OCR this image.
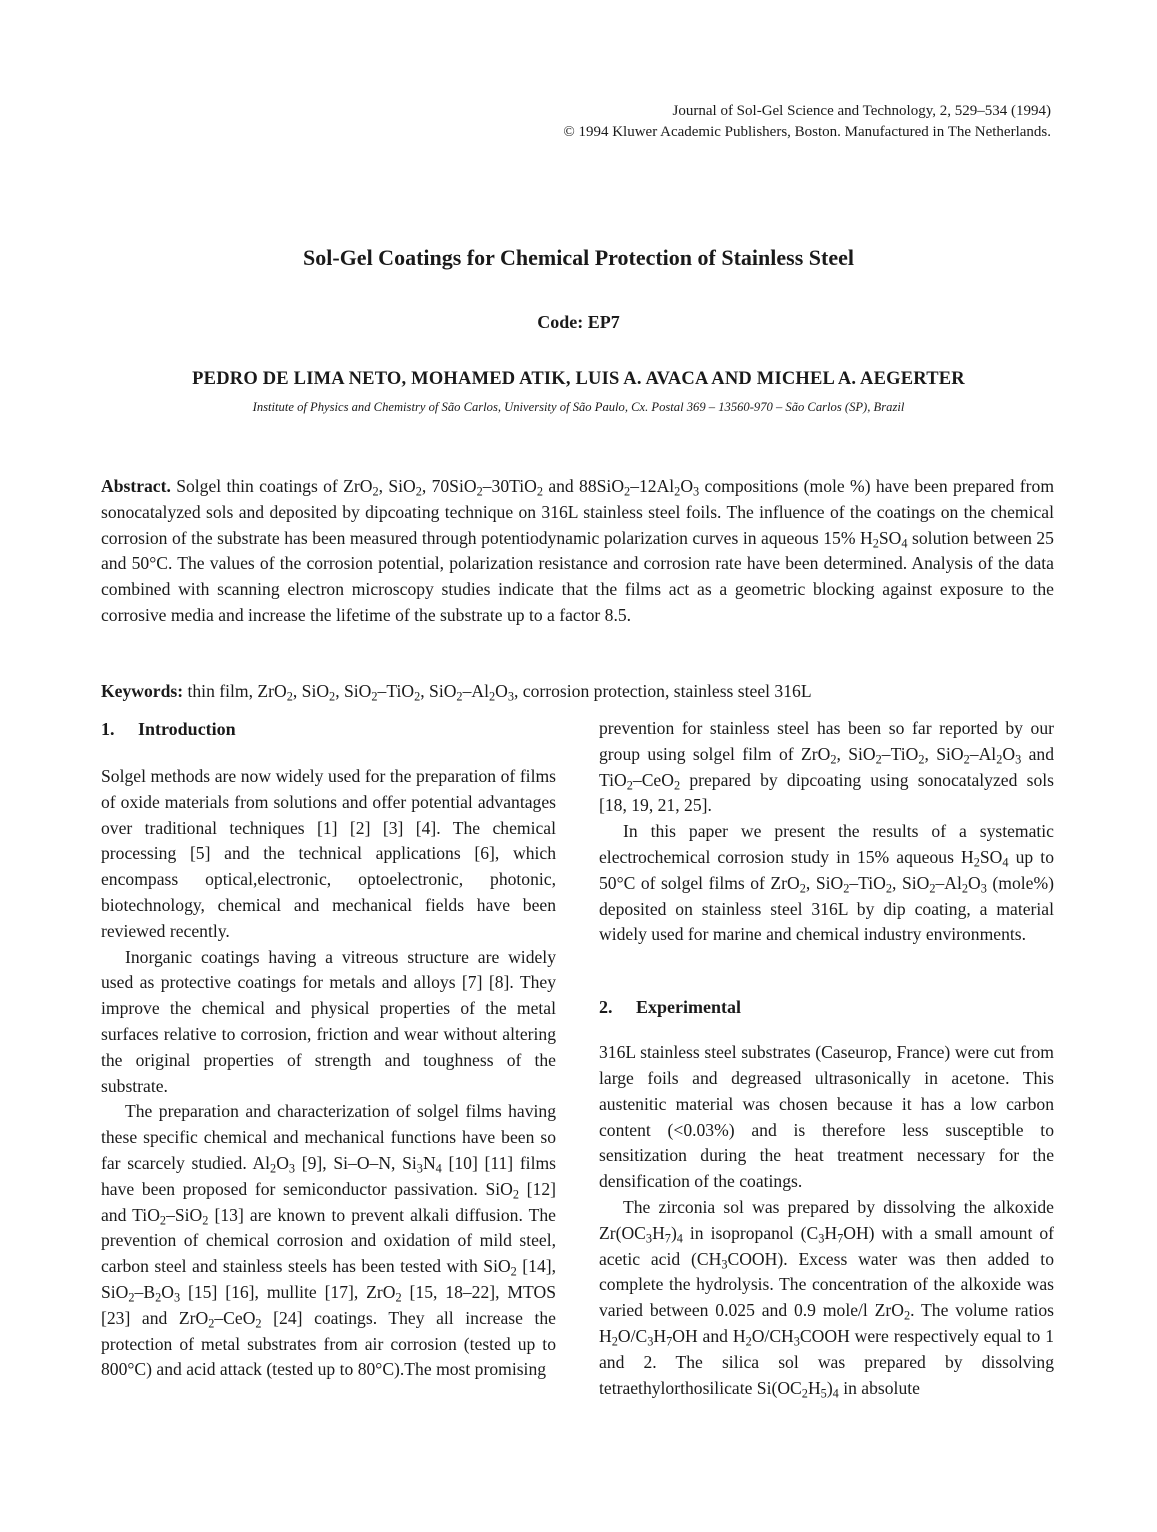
Journal of Sol-Gel Science and Technology, 2, 529–534 (1994)
© 1994 Kluwer Academic Publishers, Boston. Manufactured in The Netherlands.
Sol-Gel Coatings for Chemical Protection of Stainless Steel
Code: EP7
PEDRO DE LIMA NETO, MOHAMED ATIK, LUIS A. AVACA AND MICHEL A. AEGERTER
Institute of Physics and Chemistry of São Carlos, University of São Paulo, Cx. Postal 369 – 13560-970 – São Carlos (SP), Brazil
Abstract. Solgel thin coatings of ZrO$_2$, SiO$_2$, 70SiO$_2$–30TiO$_2$ and $88SiO_2-12Al_2O_3$ compositions (mole %) have been prepared from sonocatalyzed sols and deposited by dipcoating technique on 316L stainless steel foils. The influence of the coatings on the chemical corrosion of the substrate has been measured through potentiodynamic polarization curves in aqueous 15% $H_2SO_4$ solution between 25 and 50°C. The values of the corrosion potential, polarization resistance and corrosion rate have been determined. Analysis of the data combined with scanning electron microscopy studies indicate that the films act as a geometric blocking against exposure to the corrosive media and increase the lifetime of the substrate up to a factor 8.5.
Keywords: thin film, ZrO$_2$, SiO$_2$, SiO$_2$–TiO$_2$, $SiO_2-Al_2O_3$, corrosion protection, stainless steel 316L
1. Introduction

Solgel methods are now widely used for the preparation of films of oxide materials from solutions and offer potential advantages over traditional techniques [1] [2] [3] [4]. The chemical processing [5] and the technical applications [6], which encompass optical,electronic, optoelectronic, photonic, biotechnology, chemical and mechanical fields have been reviewed recently.

Inorganic coatings having a vitreous structure are widely used as protective coatings for metals and alloys [7] [8]. They improve the chemical and physical properties of the metal surfaces relative to corrosion, friction and wear without altering the original properties of strength and toughness of the substrate.

The preparation and characterization of solgel films having these specific chemical and mechanical functions have been so far scarcely studied. $Al_2O_3$ [9], Si–O–N, $Si_3N_4$ [10] [11] films have been proposed for semiconductor passivation. SiO$_2$ [12] and TiO$_2$–SiO$_2$ [13] are known to prevent alkali diffusion. The prevention of chemical corrosion and oxidation of mild steel, carbon steel and stainless steels has been tested with SiO$_2$ [14], $SiO_2-B_2O_3$ [15] [16], mullite [17], ZrO$_2$ [15, 18–22], MTOS [23] and ZrO$_2$–CeO$_2$ [24] coatings. They all increase the protection of metal substrates from air corrosion (tested up to 800°C) and acid attack (tested up to 80°C).The most promising

prevention for stainless steel has been so far reported by our group using solgel film of ZrO$_2$, SiO$_2$–TiO$_2$, $SiO_2-Al_2O_3$ and TiO$_2$–CeO$_2$ prepared by dipcoating using sonocatalyzed sols [18, 19, 21, 25].

In this paper we present the results of a systematic electrochemical corrosion study in 15% aqueous $H_2SO_4$ up to 50°C of solgel films of ZrO$_2$, SiO$_2$–TiO$_2$, $SiO_2-Al_2O_3$ (mole%) deposited on stainless steel 316L by dip coating, a material widely used for marine and chemical industry environments.

2. Experimental

316L stainless steel substrates (Caseurop, France) were cut from large foils and degreased ultrasonically in acetone. This austenitic material was chosen because it has a low carbon content (<0.03%) and is therefore less susceptible to sensitization during the heat treatment necessary for the densification of the coatings.

The zirconia sol was prepared by dissolving the alkoxide $Zr(OC_3H_7)_4$ in isopropanol $(C_3H_7OH)$ with a small amount of acetic acid $(CH_3COOH)$. Excess water was then added to complete the hydrolysis. The concentration of the alkoxide was varied between 0.025 and 0.9 mole/l ZrO$_2$. The volume ratios $H_2O/C_3H_7OH$ and $H_2O/CH_3COOH$ were respectively equal to 1 and 2. The silica sol was prepared by dissolving tetraethylorthosilicate $Si(OC_2H_5)_4$ in absolute
